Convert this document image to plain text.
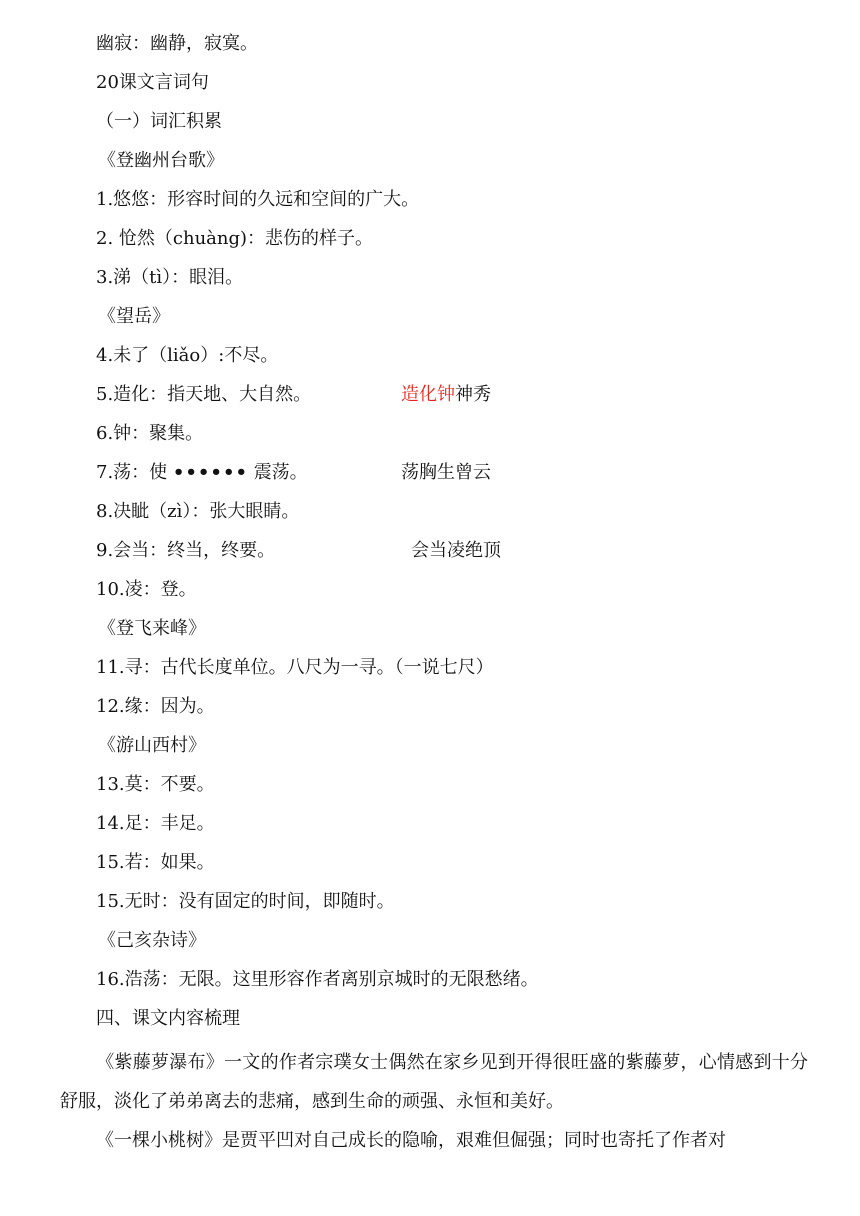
幽寂：幽静，寂寞。
20课文言词句
（一）词汇积累
《登幽州台歌》
1.悠悠：形容时间的久远和空间的广大。
2. 怆然（chuàng)：悲伤的样子。
3.涕（tì）：眼泪。
《望岳》
4.未了（liǎo）:不尽。
5.造化：指天地、大自然。	造化钟神秀
6.钟：聚集。
7.荡：使 •••••• 震荡。	荡胸生曾云
8.决眦（zì）：张大眼睛。
9.会当：终当，终要。	会当凌绝顶
10.凌：登。
《登飞来峰》
11.寻：古代长度单位。八尺为一寻。（一说七尺）
12.缘：因为。
《游山西村》
13.莫：不要。
14.足：丰足。
15.若：如果。
15.无时：没有固定的时间，即随时。
《己亥杂诗》
16.浩荡：无限。这里形容作者离别京城时的无限愁绪。
四、课文内容梳理
《紫藤萝瀑布》一文的作者宗璞女士偶然在家乡见到开得很旺盛的紫藤萝，心情感到十分舒服，淡化了弟弟离去的悲痛，感到生命的顽强、永恒和美好。
《一棵小桃树》是贾平凹对自己成长的隐喻，艰难但倔强；同时也寄托了作者对
